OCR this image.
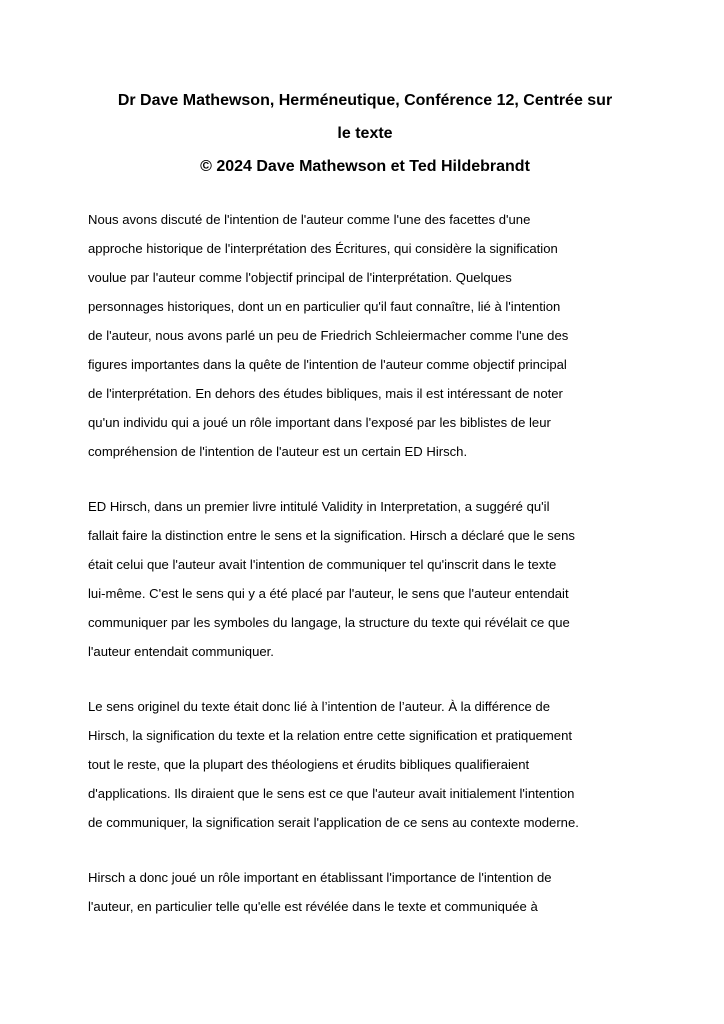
Dr Dave Mathewson, Herméneutique, Conférence 12, Centrée sur
le texte
© 2024 Dave Mathewson et Ted Hildebrandt

Nous avons discuté de l'intention de l'auteur comme l'une des facettes d'une
approche historique de l'interprétation des Écritures, qui considère la signification
voulue par l'auteur comme l'objectif principal de l'interprétation. Quelques
personnages historiques, dont un en particulier qu'il faut connaître, lié à l'intention
de l'auteur, nous avons parlé un peu de Friedrich Schleiermacher comme l'une des
figures importantes dans la quête de l'intention de l'auteur comme objectif principal
de l'interprétation. En dehors des études bibliques, mais il est intéressant de noter
qu'un individu qui a joué un rôle important dans l'exposé par les biblistes de leur
compréhension de l'intention de l'auteur est un certain ED Hirsch.

ED Hirsch, dans un premier livre intitulé Validity in Interpretation, a suggéré qu'il
fallait faire la distinction entre le sens et la signification. Hirsch a déclaré que le sens
était celui que l'auteur avait l'intention de communiquer tel qu'inscrit dans le texte
lui-même. C'est le sens qui y a été placé par l'auteur, le sens que l'auteur entendait
communiquer par les symboles du langage, la structure du texte qui révélait ce que
l'auteur entendait communiquer.

Le sens originel du texte était donc lié à l’intention de l’auteur. À la différence de
Hirsch, la signification du texte et la relation entre cette signification et pratiquement
tout le reste, que la plupart des théologiens et érudits bibliques qualifieraient
d'applications. Ils diraient que le sens est ce que l'auteur avait initialement l'intention
de communiquer, la signification serait l'application de ce sens au contexte moderne.

Hirsch a donc joué un rôle important en établissant l'importance de l'intention de
l'auteur, en particulier telle qu'elle est révélée dans le texte et communiquée à
